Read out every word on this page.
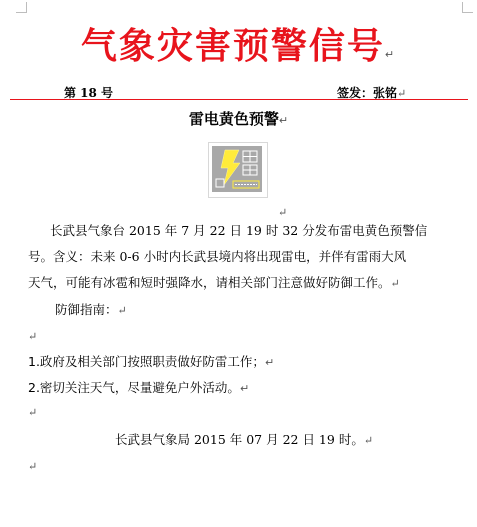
气象灾害预警信号↵
第 18 号	签发：张铭↵
雷电黄色预警↵
↵
长武县气象台 2015 年 7 月 22 日 19 时 32 分发布雷电黄色预警信
号。含义：未来 0-6 小时内长武县境内将出现雷电，并伴有雷雨大风
天气，可能有冰雹和短时强降水，请相关部门注意做好防御工作。↵
防御指南：↵
↵
1.政府及相关部门按照职责做好防雷工作；↵
2.密切关注天气，尽量避免户外活动。↵
↵
长武县气象局 2015 年 07 月 22 日 19 时。↵
↵
